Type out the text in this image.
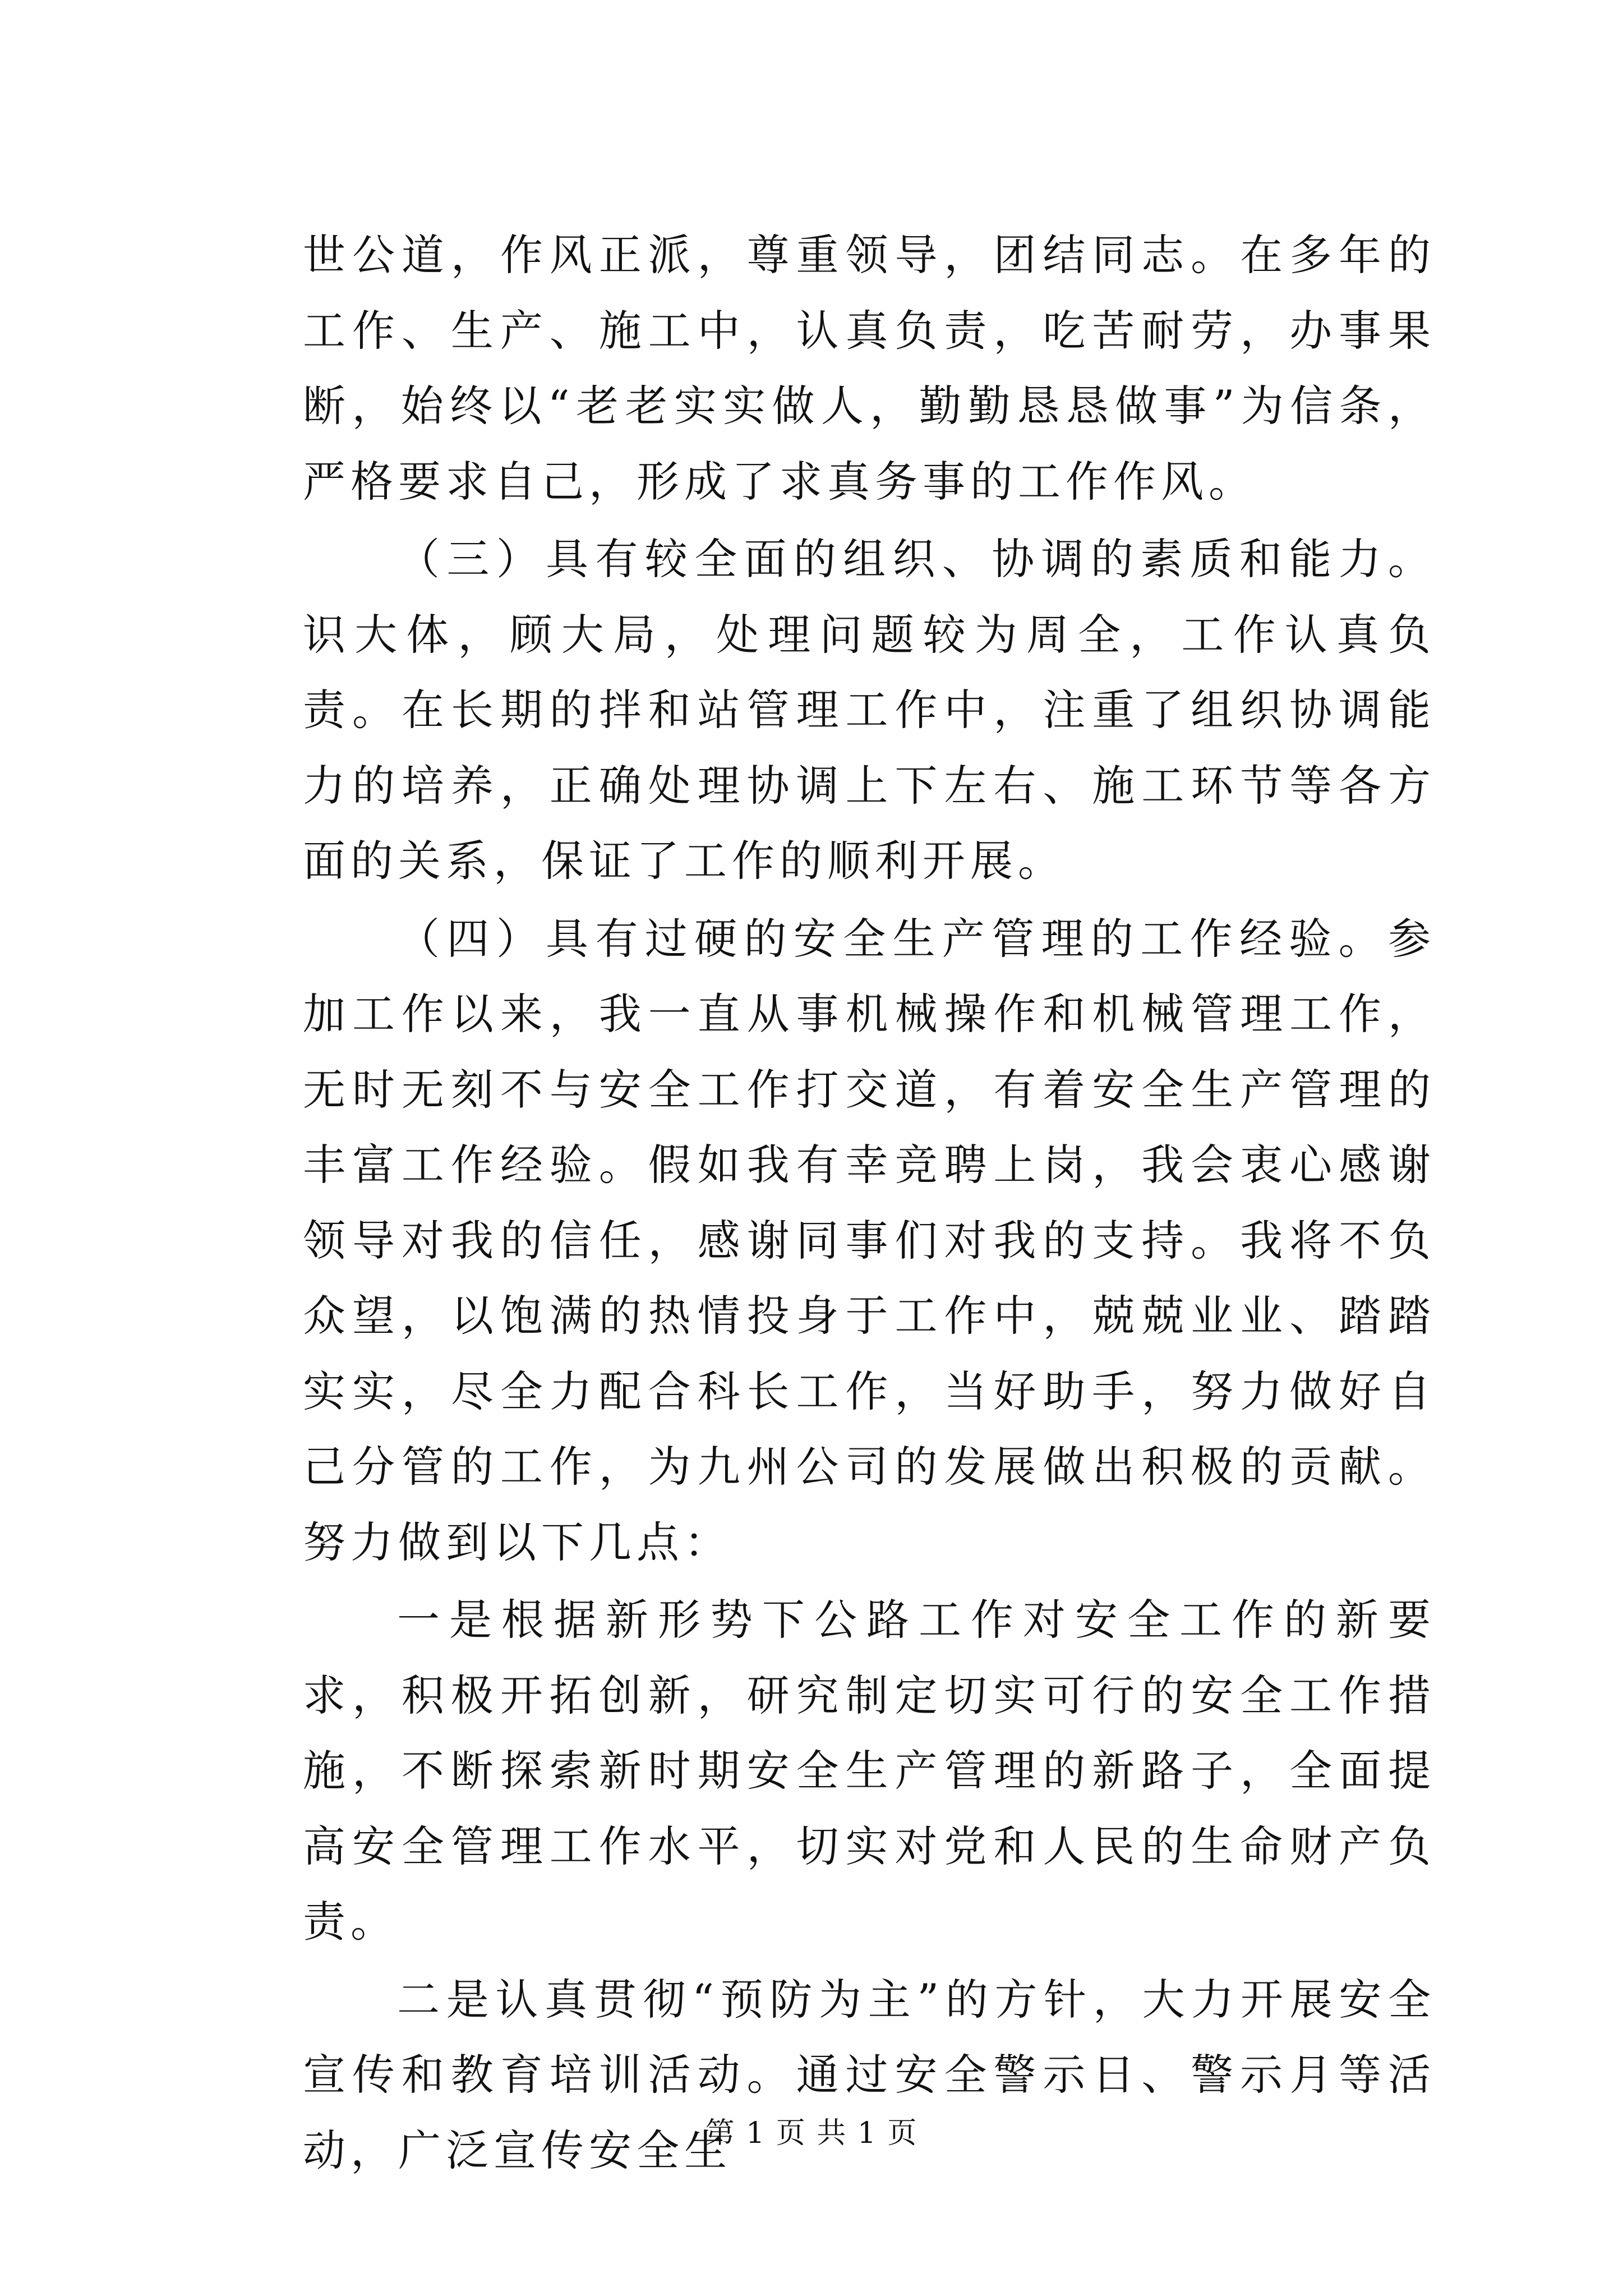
世公道，作风正派，尊重领导，团结同志。在多年的工作、生产、施工中，认真负责，吃苦耐劳，办事果断，始终以“老老实实做人，勤勤恳恳做事”为信条，严格要求自己，形成了求真务事的工作作风。

（三）具有较全面的组织、协调的素质和能力。识大体，顾大局，处理问题较为周全，工作认真负责。在长期的拌和站管理工作中，注重了组织协调能力的培养，正确处理协调上下左右、施工环节等各方面的关系，保证了工作的顺利开展。

（四）具有过硬的安全生产管理的工作经验。参加工作以来，我一直从事机械操作和机械管理工作，无时无刻不与安全工作打交道，有着安全生产管理的丰富工作经验。假如我有幸竞聘上岗，我会衷心感谢领导对我的信任，感谢同事们对我的支持。我将不负众望，以饱满的热情投身于工作中，兢兢业业、踏踏实实，尽全力配合科长工作，当好助手，努力做好自己分管的工作，为九州公司的发展做出积极的贡献。努力做到以下几点：

一是根据新形势下公路工作对安全工作的新要求，积极开拓创新，研究制定切实可行的安全工作措施，不断探索新时期安全生产管理的新路子，全面提高安全管理工作水平，切实对党和人民的生命财产负责。

二是认真贯彻“预防为主”的方针，大力开展安全宣传和教育培训活动。通过安全警示日、警示月等活动，广泛宣传安全生

第 1 页 共 1 页
